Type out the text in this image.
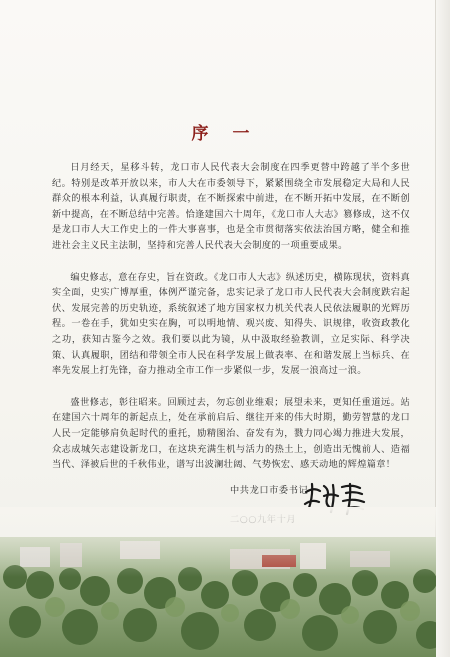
序 一

日月经天，星移斗转，龙口市人民代表大会制度在四季更替中跨越了半个多世纪。特别是改革开放以来，市人大在市委领导下，紧紧围绕全市发展稳定大局和人民群众的根本利益，认真履行职责，在不断探索中前进，在不断开拓中发展，在不断创新中提高，在不断总结中完善。恰逢建国六十周年，《龙口市人大志》篡修成，这不仅是龙口市人大工作史上的一件大事喜事，也是全市贯彻落实依法治国方略，健全和推进社会主义民主法制，坚持和完善人民代表大会制度的一项重要成果。

编史修志，意在存史，旨在资政。《龙口市人大志》纵述历史，横陈现状，资料真实全面，史实广博厚重，体例严谨完备，忠实记录了龙口市人民代表大会制度跌宕起伏、发展完善的历史轨迹，系统叙述了地方国家权力机关代表人民依法履职的光辉历程。一卷在手，犹如史实在胸，可以明地情、观兴废、知得失、识规律，收资政教化之功，获知古鉴今之效。我们要以此为镜，从中汲取经验教训，立足实际、科学决策、认真履职，团结和带领全市人民在科学发展上做表率、在和谐发展上当标兵、在率先发展上打先锋，奋力推动全市工作一步紧似一步，发展一浪高过一浪。

盛世修志，彰往昭来。回顾过去，勿忘创业维艰；展望未来，更知任重道远。站在建国六十周年的新起点上，处在承前启后、继往开来的伟大时期，勤劳智慧的龙口人民一定能够肩负起时代的重托，励精图治、奋发有为，戮力同心竭力推进大发展，众志成城矢志建设新龙口，在这块充满生机与活力的热土上，创造出无愧前人、造福当代、泽被后世的千秋伟业，谱写出波澜壮阔、气势恢宏、感天动地的辉煌篇章！

中共龙口市委书记
